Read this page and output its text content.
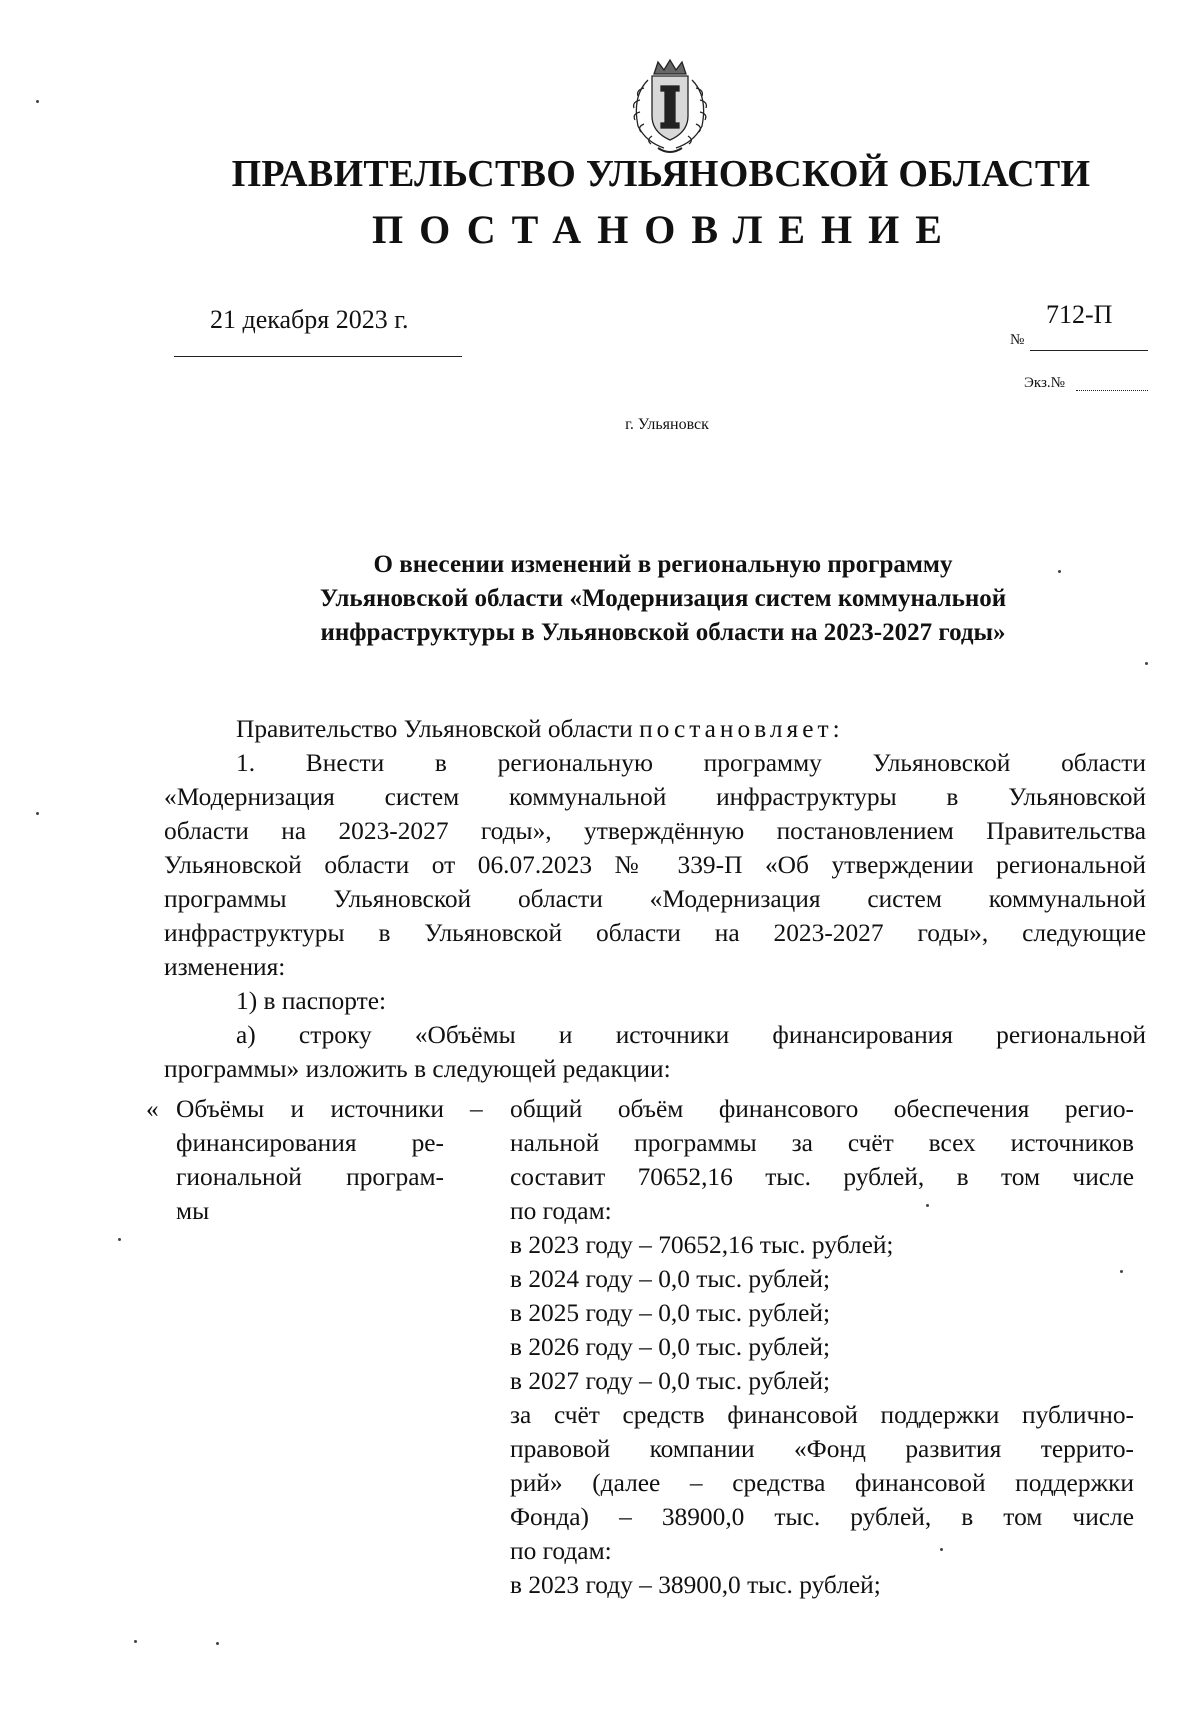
ПРАВИТЕЛЬСТВО УЛЬЯНОВСКОЙ ОБЛАСТИ
ПОСТАНОВЛЕНИЕ
21 декабря 2023 г.	712-П
№
Экз.№
г. Ульяновск
О внесении изменений в региональную программу
Ульяновской области «Модернизация систем коммунальной
инфраструктуры в Ульяновской области на 2023-2027 годы»
Правительство Ульяновской области постановляет:
1. Внести в региональную программу Ульяновской области
«Модернизация систем коммунальной инфраструктуры в Ульяновской
области на 2023-2027 годы», утверждённую постановлением Правительства
Ульяновской области от 06.07.2023 № 339-П «Об утверждении региональной
программы Ульяновской области «Модернизация систем коммунальной
инфраструктуры в Ульяновской области на 2023-2027 годы», следующие
изменения:
1) в паспорте:
а) строку «Объёмы и источники финансирования региональной
программы» изложить в следующей редакции:
« Объёмы и источники
финансирования ре-
гиональной програм-
мы
– общий объём финансового обеспечения регио-
нальной программы за счёт всех источников
составит 70652,16 тыс. рублей, в том числе
по годам:
в 2023 году – 70652,16 тыс. рублей;
в 2024 году – 0,0 тыс. рублей;
в 2025 году – 0,0 тыс. рублей;
в 2026 году – 0,0 тыс. рублей;
в 2027 году – 0,0 тыс. рублей;
за счёт средств финансовой поддержки публично-
правовой компании «Фонд развития террито-
рий» (далее – средства финансовой поддержки
Фонда) – 38900,0 тыс. рублей, в том числе
по годам:
в 2023 году – 38900,0 тыс. рублей;
